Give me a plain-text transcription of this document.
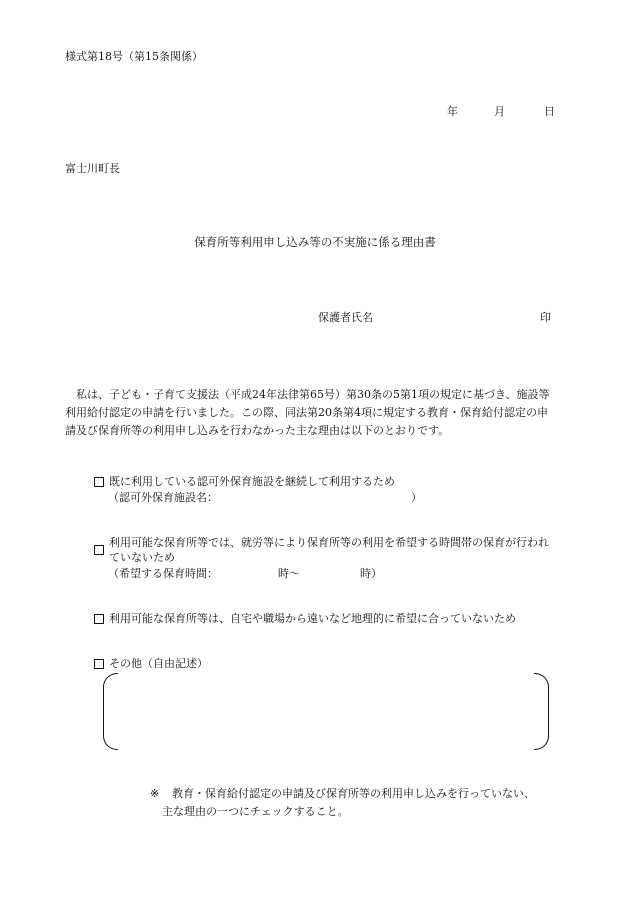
様式第18号（第15条関係）
年	月	日
富士川町長
保育所等利用申し込み等の不実施に係る理由書
保護者氏名	印
　私は、子ども・子育て支援法（平成24年法律第65号）第30条の5第1項の規定に基づき、施設等利用給付認定の申請を行いました。この際、同法第20条第4項に規定する教育・保育給付認定の申請及び保育所等の利用申し込みを行わなかった主な理由は以下のとおりです。
既に利用している認可外保育施設を継続して利用するため
（認可外保育施設名：	）
利用可能な保育所等では、就労等により保育所等の利用を希望する時間帯の保育が行われていないため
（希望する保育時間：	時〜	時）
利用可能な保育所等は、自宅や職場から遠いなど地理的に希望に合っていないため
その他（自由記述）
※ 教育・保育給付認定の申請及び保育所等の利用申し込みを行っていない、
主な理由の一つにチェックすること。
